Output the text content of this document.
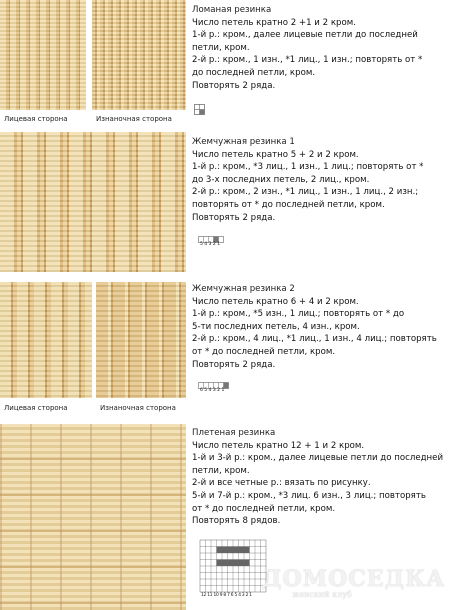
Лицевая сторона	Изнаночная сторона
Лицевая сторона	Изнаночная сторона

Ломаная резинка

Число петель кратно 2 +1 и 2 кром.

1-й р.: кром., далее лицевые петли до последней

петли, кром.

2-й р.: кром., 1 изн., *1 лиц., 1 изн.; повторять от *

до последней петли, кром.

Повторять 2 ряда.

Жемчужная резинка 1

Число петель кратно 5 + 2 и 2 кром.

1-й р.: кром., *3 лиц., 1 изн., 1 лиц.; повторять от *

до 3-х последних петель, 2 лиц., кром.

2-й р.: кром., 2 изн., *1 лиц., 1 изн., 1 лиц., 2 изн.;

повторять от * до последней петли, кром.

Повторять 2 ряда.

5 4 3 2 1

Жемчужная резинка 2

Число петель кратно 6 + 4 и 2 кром.

1-й р.: кром., *5 изн., 1 лиц.; повторять от * до

5-ти последних петель, 4 изн., кром.

2-й р.: кром., 4 лиц., *1 лиц., 1 изн., 4 лиц.; повторять

от * до последней петли, кром.

Повторять 2 ряда.

6 5 4 3 2 1

Плетеная резинка

Число петель кратно 12 + 1 и 2 кром.

1-й и 3-й р.: кром., далее лицевые петли до последней

петли, кром.

2-й и все четные р.: вязать по рисунку.

5-й и 7-й р.: кром., *3 лиц. 6 изн., 3 лиц.; повторять

от * до последней петли, кром.

Повторять 8 рядов.

12 11 10 9 8 7 6 5 4 3 2 1
ДОМОСЕДКА
женский клуб
